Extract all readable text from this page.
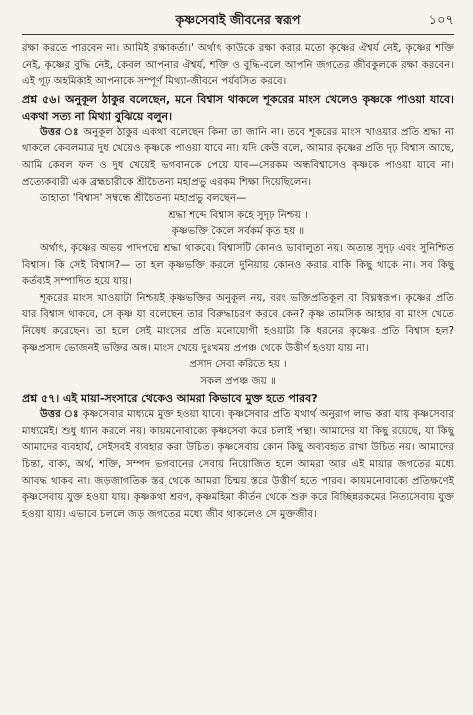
কৃষ্ণসেবাই জীবনের স্বরূপ	১০৭

রক্ষা করতে পারবেন না। আমিই রক্ষাকর্তা।' অর্থাৎ কাউকে রক্ষা করার মতো কৃষ্ণের ঐশ্বর্য নেই, কৃষ্ণের শক্তি নেই, কৃষ্ণের বুদ্ধি নেই, কেবল আপনার ঐশ্বর্য, শক্তি ও বুদ্ধি-বলে আপনি জগতের জীবকুলকে রক্ষা করবেন। এই গূঢ় অহমিকাই আপনাকে সম্পূর্ণ মিথ্যা-জীবনে পর্যবসিত করবে।

প্রশ্ন ৫৬। অনুকূল ঠাকুর বলেছেন, মনে বিশ্বাস থাকলে শূকরের মাংস খেলেও কৃষ্ণকে পাওয়া যাবে। একথা সত্য না মিথ্যা বুঝিয়ে বলুন।

উত্তর ঃ অনুকূল ঠাকুর একথা বলেছেন কিনা তা জানি না। তবে শূকরের মাংস খাওয়ার প্রতি শ্রদ্ধা না থাকলে কেবলমাত্র দুধ খেয়েও কৃষ্ণকে পাওয়া যাবে না। যদি কেউ বলে, আমার কৃষ্ণের প্রতি দৃঢ় বিশ্বাস আছে, আমি কেবল ফল ও দুধ খেয়েই ভগবানকে পেয়ে যাব—সেরকম অন্ধবিশ্বাসেও কৃষ্ণকে পাওয়া যাবে না। প্রত্যেকবারী এক ব্রহ্মচারীকে শ্রীচৈতন্য মহাপ্রভু এরকম শিক্ষা দিয়েছিলেন।

তাহাতা 'বিশ্বাস' সম্বন্ধে শ্রীচৈতন্য মহাপ্রভু বলছেন—

শ্রদ্ধা শব্দে বিশ্বাস কহে সুদৃঢ় নিশ্চয় ।

কৃষ্ণভক্তি কৈলে সর্বকর্ম কৃত হয় ॥

অর্থাৎ, কৃষ্ণের অভয় পাদপদ্মে শ্রদ্ধা থাকবে। বিশ্বাসটি কোনও ভাবালুতা নয়। অত্যন্ত সুদৃঢ় এবং সুনিশ্চিত বিশ্বাস। কি সেই বিশ্বাস?— তা হল কৃষ্ণভক্তি করলে দুনিয়ায় কোনও করার বাকি কিছু থাকে না। সব কিছু কর্তব্যই সম্পাদিত হয়ে যায়।

শূকরের মাংস খাওয়াটা নিশ্চয়ই কৃষ্ণভক্তির অনুকূল নয়, বরং ভক্তিপ্রতিকূল বা বিঘ্নস্বরূপ। কৃষ্ণের প্রতি যার বিশ্বাস থাকবে, সে কৃষ্ণ যা বলেছেন তার বিরুদ্ধাচরণ করবে কেন? কৃষ্ণ তামসিক আহার বা মাংস খেতে নিষেধ করেছেন। তা হলে সেই মাংসের প্রতি মনোযোগী হওয়াটা কি ধরনের কৃষ্ণের প্রতি বিশ্বাস হল? কৃষ্ণপ্রসাদ ভোজনই ভক্তির অঙ্গ। মাংস খেয়ে দুঃখময় প্রপঞ্চ থেকে উত্তীর্ণ হওয়া যায় না।

প্রসাদ সেবা করিতে হয় ।

সকল প্রপঞ্চ জয় ॥

প্রশ্ন ৫৭। এই মায়া-সংসারে থেকেও আমরা কিভাবে মুক্ত হতে পারব?

উত্তর ঃ কৃষ্ণসেবার মাধ্যমে মুক্ত হওয়া যাবে। কৃষ্ণসেবার প্রতি যথার্থ অনুরাগ লাভ করা যায় কৃষ্ণসেবার মাধ্যমেই। শুধু ধ্যান করলে নয়। কায়মনোবাক্যে কৃষ্ণসেবা করে চলাই পন্থা। আমাদের যা কিছু রয়েছে, যা কিছু আমাদের ব্যবহার্য, সেইসবই ব্যবহার করা উচিত। কৃষ্ণসেবায় কোন কিছু অব্যবহৃত রাখা উচিত নয়। আমাদের চিন্তা, বাক্য, অর্থ, শক্তি, সম্পদ ভগবানের সেবায় নিয়োজিত হলে আমরা আর এই মায়ার জগতের মধ্যে আবদ্ধ থাকব না। জড়জাগতিক স্তর থেকে আমরা চিন্ময় স্তরে উত্তীর্ণ হতে পারব। কায়মনোবাক্যে প্রতিক্ষণেই কৃষ্ণসেবায় যুক্ত হওয়া যায়। কৃষ্ণকথা শ্রবণ, কৃষ্ণমহিমা কীর্তন থেকে শুরু করে বিচ্ছিন্নরকমের নিত্যসেবায় যুক্ত হওয়া যায়। এভাবে চললে জড় জগতের মধ্যে জীব থাকলেও সে মুক্তজীব।
